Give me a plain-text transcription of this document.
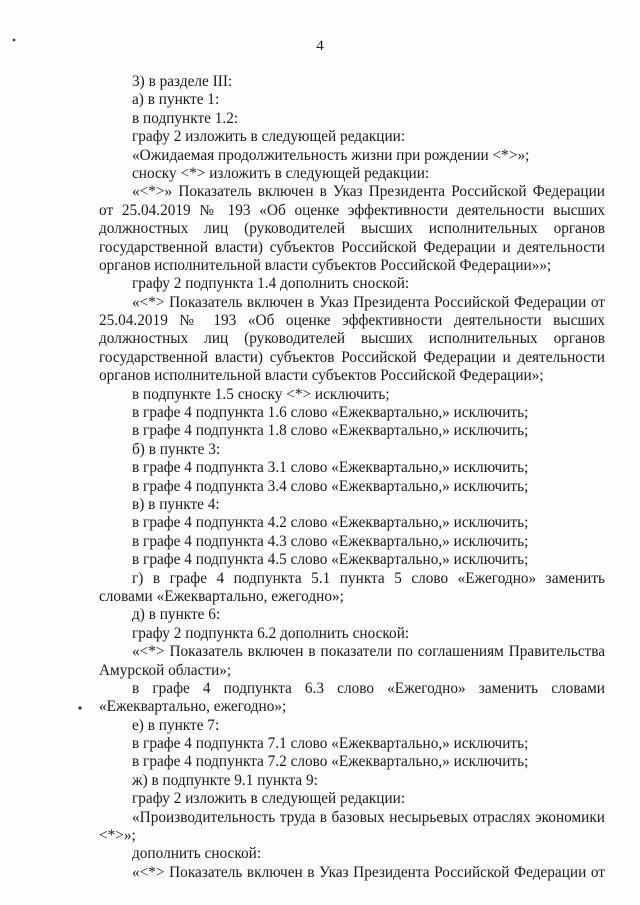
4
3) в разделе III:
а) в пункте 1:
в подпункте 1.2:
графу 2 изложить в следующей редакции:
«Ожидаемая продолжительность жизни при рождении <*>»;
сноску <*> изложить в следующей редакции:
«<*>» Показатель включен в Указ Президента Российской Федерации
от 25.04.2019 № 193 «Об оценке эффективности деятельности высших
должностных лиц (руководителей высших исполнительных органов
государственной власти) субъектов Российской Федерации и деятельности
органов исполнительной власти субъектов Российской Федерации»»;
графу 2 подпункта 1.4 дополнить сноской:
«<*> Показатель включен в Указ Президента Российской Федерации от
25.04.2019 № 193 «Об оценке эффективности деятельности высших
должностных лиц (руководителей высших исполнительных органов
государственной власти) субъектов Российской Федерации и деятельности
органов исполнительной власти субъектов Российской Федерации»;
в подпункте 1.5 сноску <*> исключить;
в графе 4 подпункта 1.6 слово «Ежеквартально,» исключить;
в графе 4 подпункта 1.8 слово «Ежеквартально,» исключить;
б) в пункте 3:
в графе 4 подпункта 3.1 слово «Ежеквартально,» исключить;
в графе 4 подпункта 3.4 слово «Ежеквартально,» исключить;
в) в пункте 4:
в графе 4 подпункта 4.2 слово «Ежеквартально,» исключить;
в графе 4 подпункта 4.3 слово «Ежеквартально,» исключить;
в графе 4 подпункта 4.5 слово «Ежеквартально,» исключить;
г) в графе 4 подпункта 5.1 пункта 5 слово «Ежегодно» заменить
словами «Ежеквартально, ежегодно»;
д) в пункте 6:
графу 2 подпункта 6.2 дополнить сноской:
«<*> Показатель включен в показатели по соглашениям Правительства
Амурской области»;
в графе 4 подпункта 6.3 слово «Ежегодно» заменить словами
«Ежеквартально, ежегодно»;
е) в пункте 7:
в графе 4 подпункта 7.1 слово «Ежеквартально,» исключить;
в графе 4 подпункта 7.2 слово «Ежеквартально,» исключить;
ж) в подпункте 9.1 пункта 9:
графу 2 изложить в следующей редакции:
«Производительность труда в базовых несырьевых отраслях экономики
<*>»;
дополнить сноской:
«<*> Показатель включен в Указ Президента Российской Федерации от
